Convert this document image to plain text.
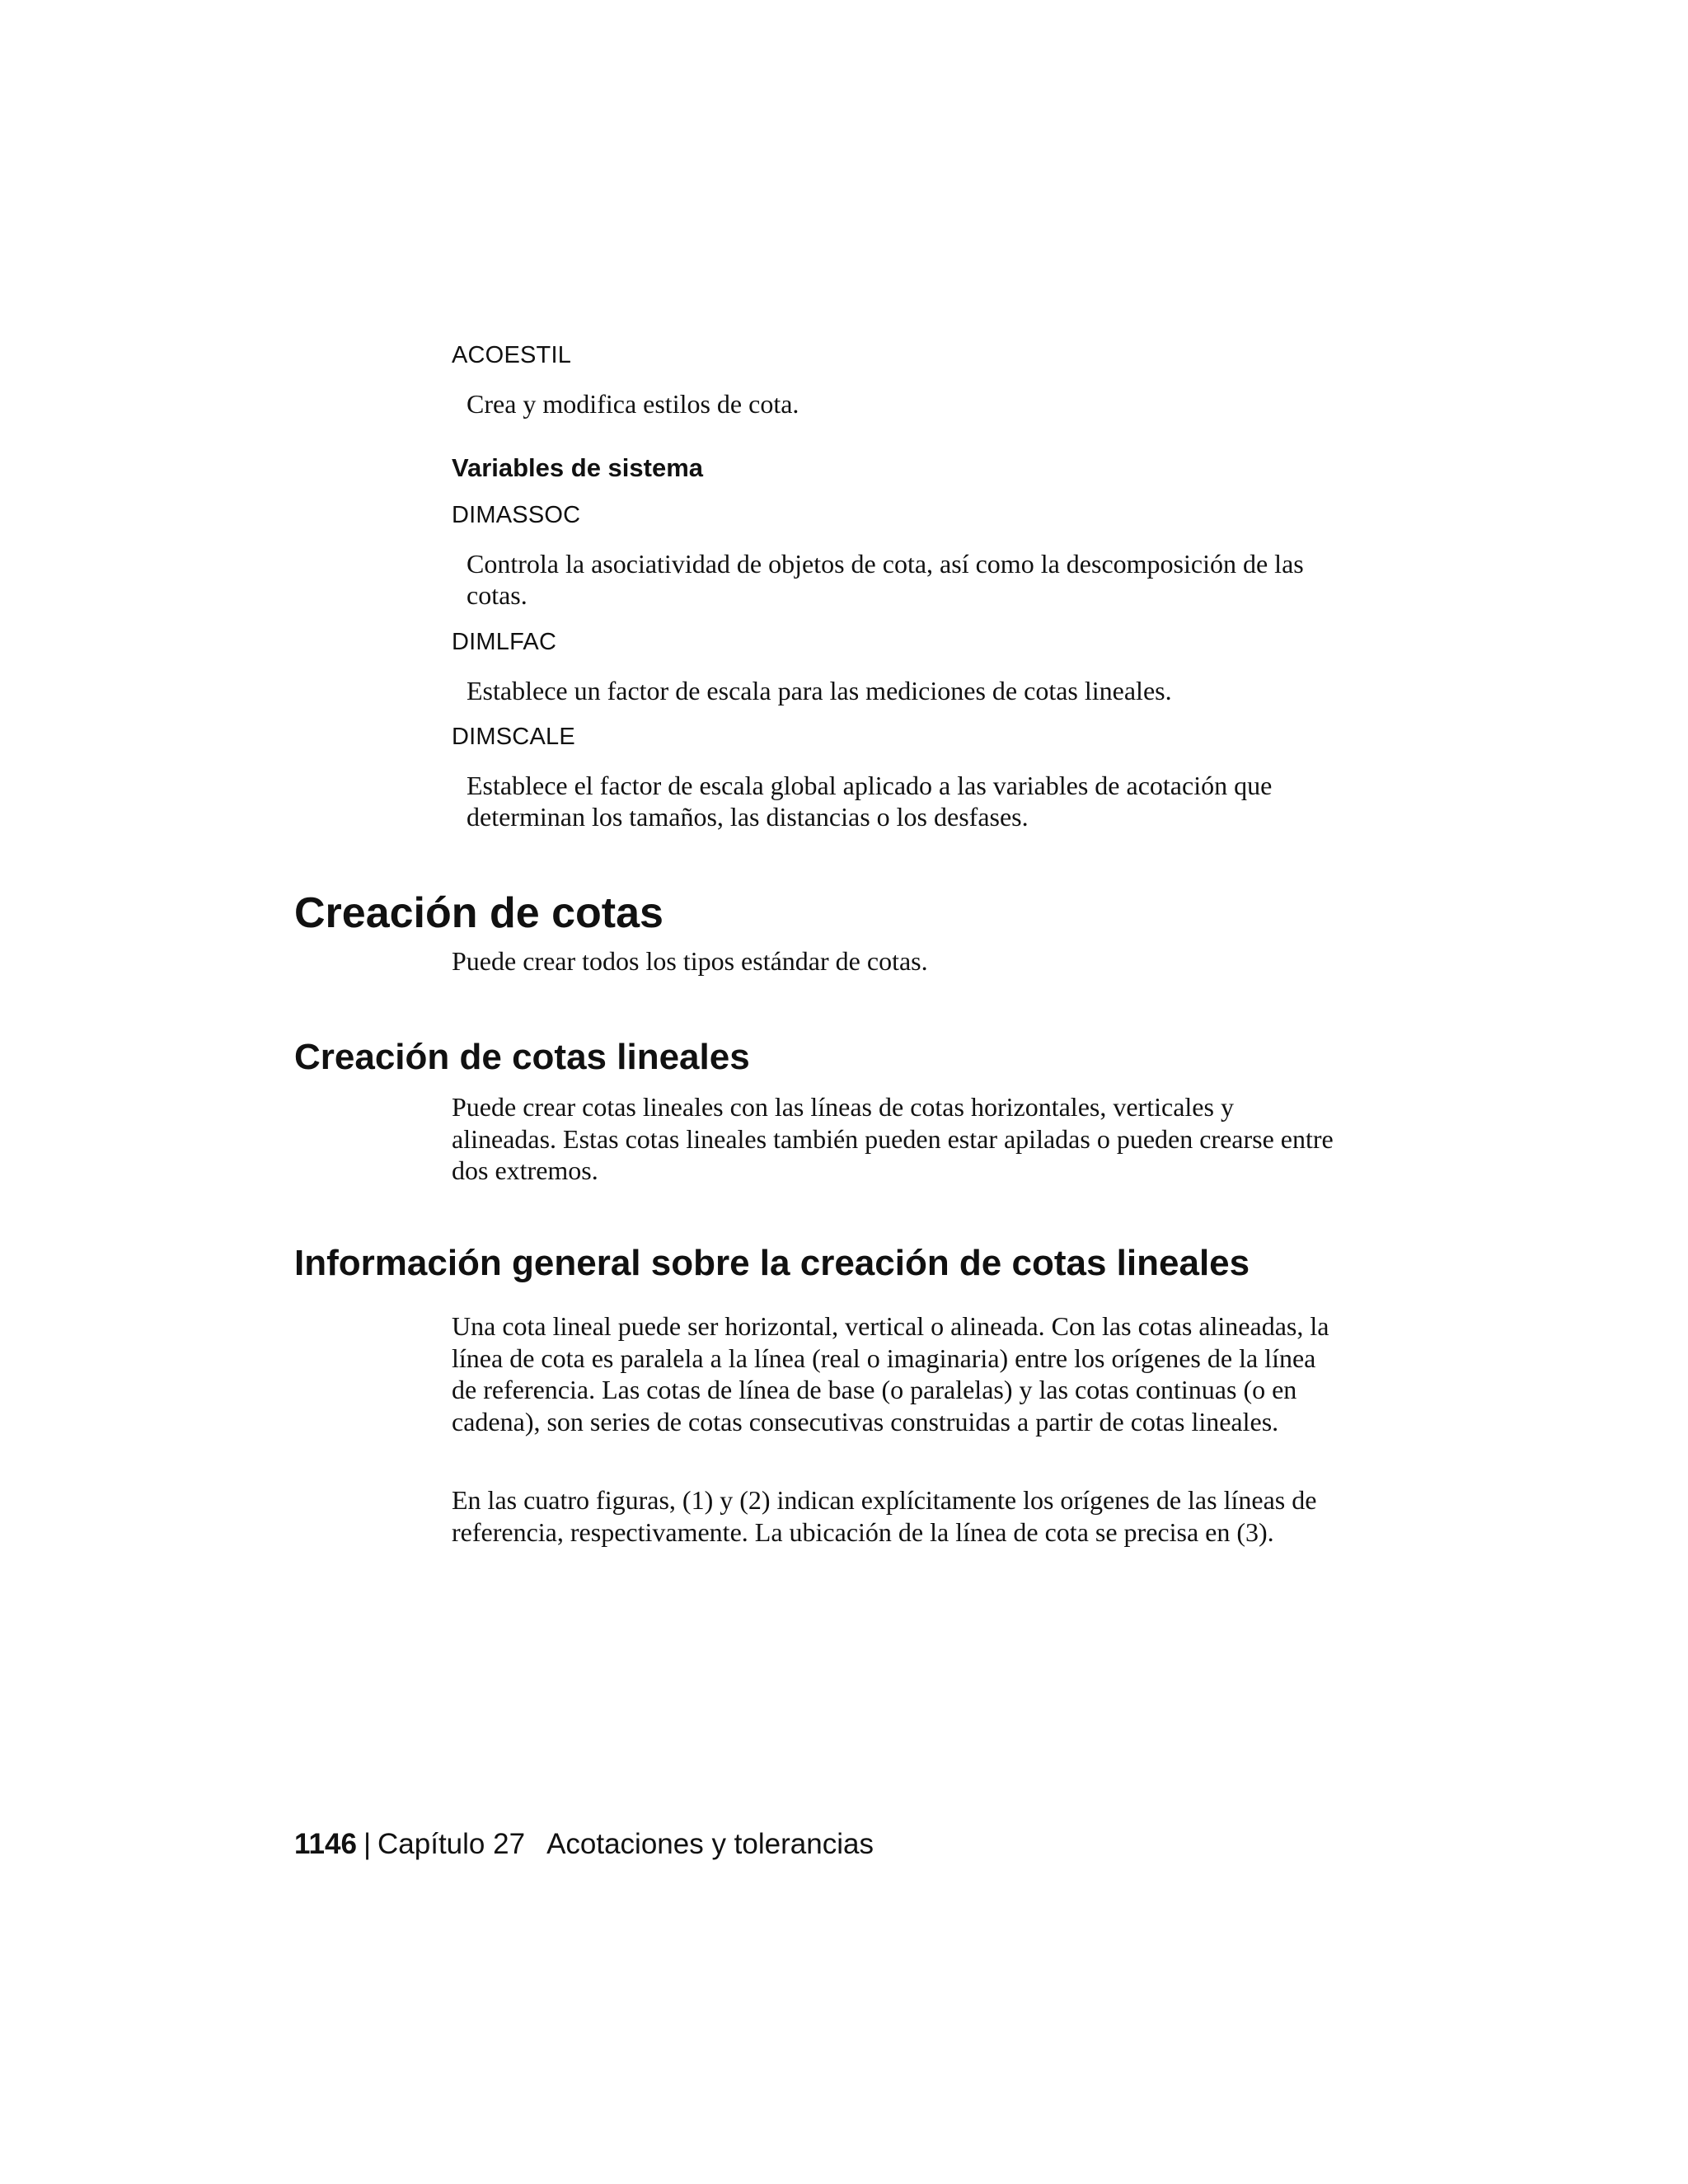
ACOESTIL
Crea y modifica estilos de cota.
Variables de sistema
DIMASSOC
Controla la asociatividad de objetos de cota, así como la descomposición de las cotas.
DIMLFAC
Establece un factor de escala para las mediciones de cotas lineales.
DIMSCALE
Establece el factor de escala global aplicado a las variables de acotación que determinan los tamaños, las distancias o los desfases.
Creación de cotas
Puede crear todos los tipos estándar de cotas.
Creación de cotas lineales
Puede crear cotas lineales con las líneas de cotas horizontales, verticales y alineadas. Estas cotas lineales también pueden estar apiladas o pueden crearse entre dos extremos.
Información general sobre la creación de cotas lineales
Una cota lineal puede ser horizontal, vertical o alineada. Con las cotas alineadas, la línea de cota es paralela a la línea (real o imaginaria) entre los orígenes de la línea de referencia. Las cotas de línea de base (o paralelas) y las cotas continuas (o en cadena), son series de cotas consecutivas construidas a partir de cotas lineales.
En las cuatro figuras, (1) y (2) indican explícitamente los orígenes de las líneas de referencia, respectivamente. La ubicación de la línea de cota se precisa en (3).
1146 | Capítulo 27 Acotaciones y tolerancias
